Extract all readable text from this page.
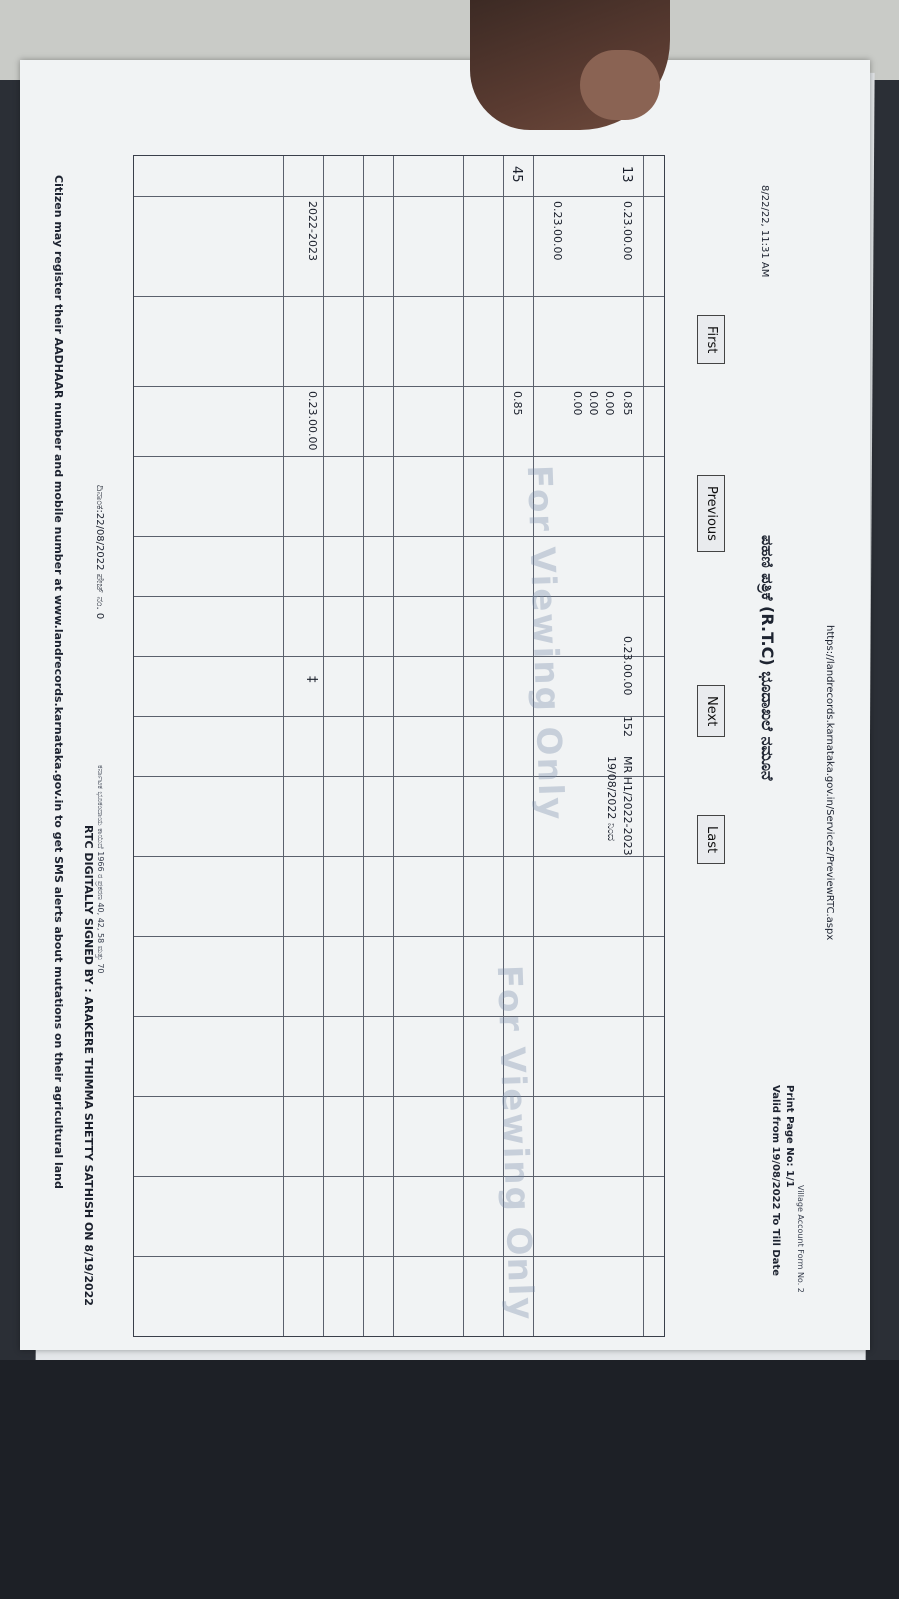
8/22/22, 11:31 AM
https://landrecords.karnataka.gov.in/Service2/PreviewRTC.aspx
Print Page No: 1/1
Village Account Form No. 2
Valid from 19/08/2022 To Till Date
ಪಹಣಿ ಪತ್ರಿಕೆ (R.T.C) ಭೂದಾಖಲೆ ನಮೂನೆ
First
Previous
Next
Last
13
0.23.00.00
0.23.00.00
0.85
0.00
0.00
0.00
0.85
45
0.23.00.00
152
MR H1/2022-2023
19/08/2022 ನಿಂದ
2022-2023
0.23.00.00
‡	For Viewing Only
For Viewing Only
ದಿನಾಂಕ:22/08/2022 ಪೇಜ್ ನಂ. 0
RTC DIGITALLY SIGNED BY : ARAKERE THIMMA SHETTY SATHISH ON 8/19/2022 ಕರ್ನಾಟಕ ಭೂಕಂದಾಯ ಕಾಯಿದೆ 1966 ರ ಪ್ರಕರಣ 40, 42, 58 ಮತ್ತು 70
Citizen may register their AADHAAR number and mobile number at www.landrecords.karnataka.gov.in to get SMS alerts about mutations on their agricultural land
